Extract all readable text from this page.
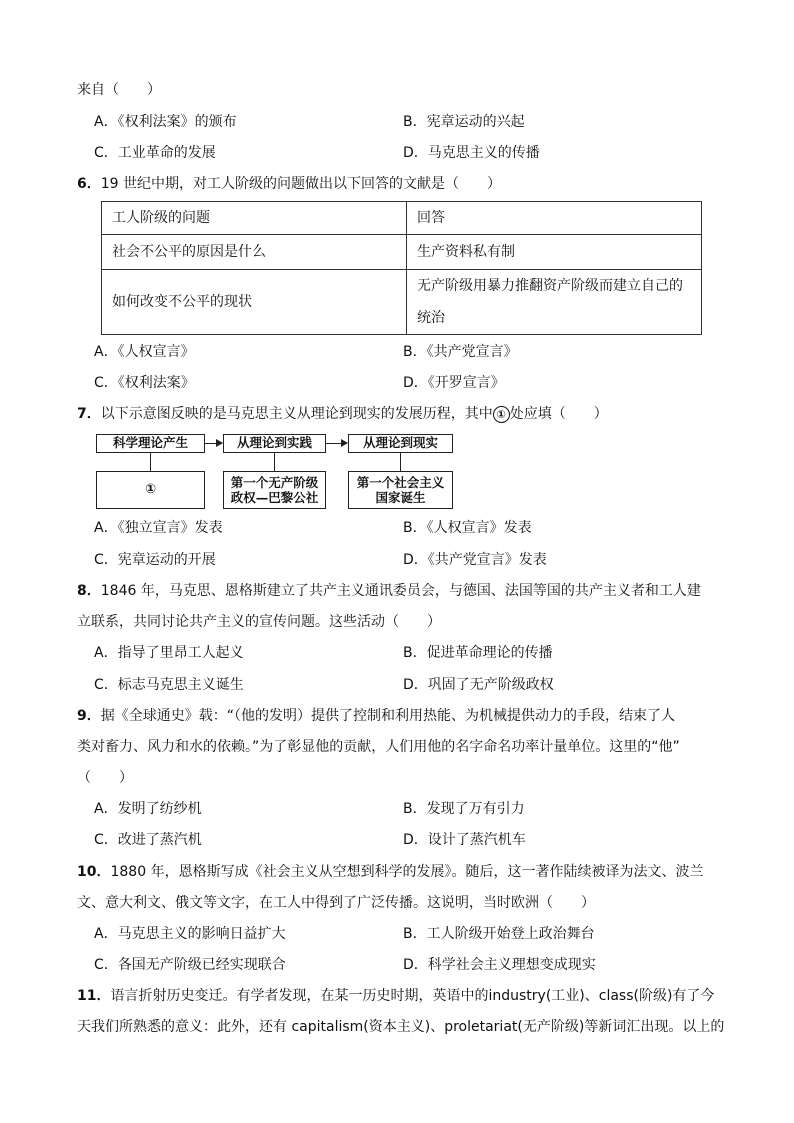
来自（　　）
A．《权利法案》的颁布	B．宪章运动的兴起
C．工业革命的发展	D．马克思主义的传播
6．19 世纪中期，对工人阶级的问题做出以下回答的文献是（　　）
工人阶级的问题	回答
社会不公平的原因是什么	生产资料私有制
如何改变不公平的现状	无产阶级用暴力推翻资产阶级而建立自己的统治
A．《人权宣言》	B．《共产党宣言》
C．《权利法案》	D．《开罗宣言》
7．以下示意图反映的是马克思主义从理论到现实的发展历程，其中 ① 处应填（　　）
科学理论产生	从理论到实践	从理论到现实
①	第一个无产阶级
政权—巴黎公社
第一个社会主义
国家诞生
A．《独立宣言》发表	B．《人权宣言》发表
C．宪章运动的开展	D．《共产党宣言》发表
8．1846 年，马克思、恩格斯建立了共产主义通讯委员会，与德国、法国等国的共产主义者和工人建
立联系，共同讨论共产主义的宣传问题。这些活动（　　）
A．指导了里昂工人起义	B．促进革命理论的传播
C．标志马克思主义诞生	D．巩固了无产阶级政权
9．据《全球通史》载：“（他的发明）提供了控制和利用热能、为机械提供动力的手段，结束了人
类对畜力、风力和水的依赖。”为了彰显他的贡献，人们用他的名字命名功率计量单位。这里的“他”
（　　）
A．发明了纺纱机	B．发现了万有引力
C．改进了蒸汽机	D．设计了蒸汽机车
10．1880 年，恩格斯写成《社会主义从空想到科学的发展》。随后，这一著作陆续被译为法文、波兰
文、意大利文、俄文等文字，在工人中得到了广泛传播。这说明，当时欧洲（　　）
A．马克思主义的影响日益扩大	B．工人阶级开始登上政治舞台
C．各国无产阶级已经实现联合	D．科学社会主义理想变成现实
11．语言折射历史变迁。有学者发现，在某一历史时期，英语中的industry(工业)、class(阶级)有了今
天我们所熟悉的意义：此外，还有 capitalism(资本主义)、proletariat(无产阶级)等新词汇出现。以上的
